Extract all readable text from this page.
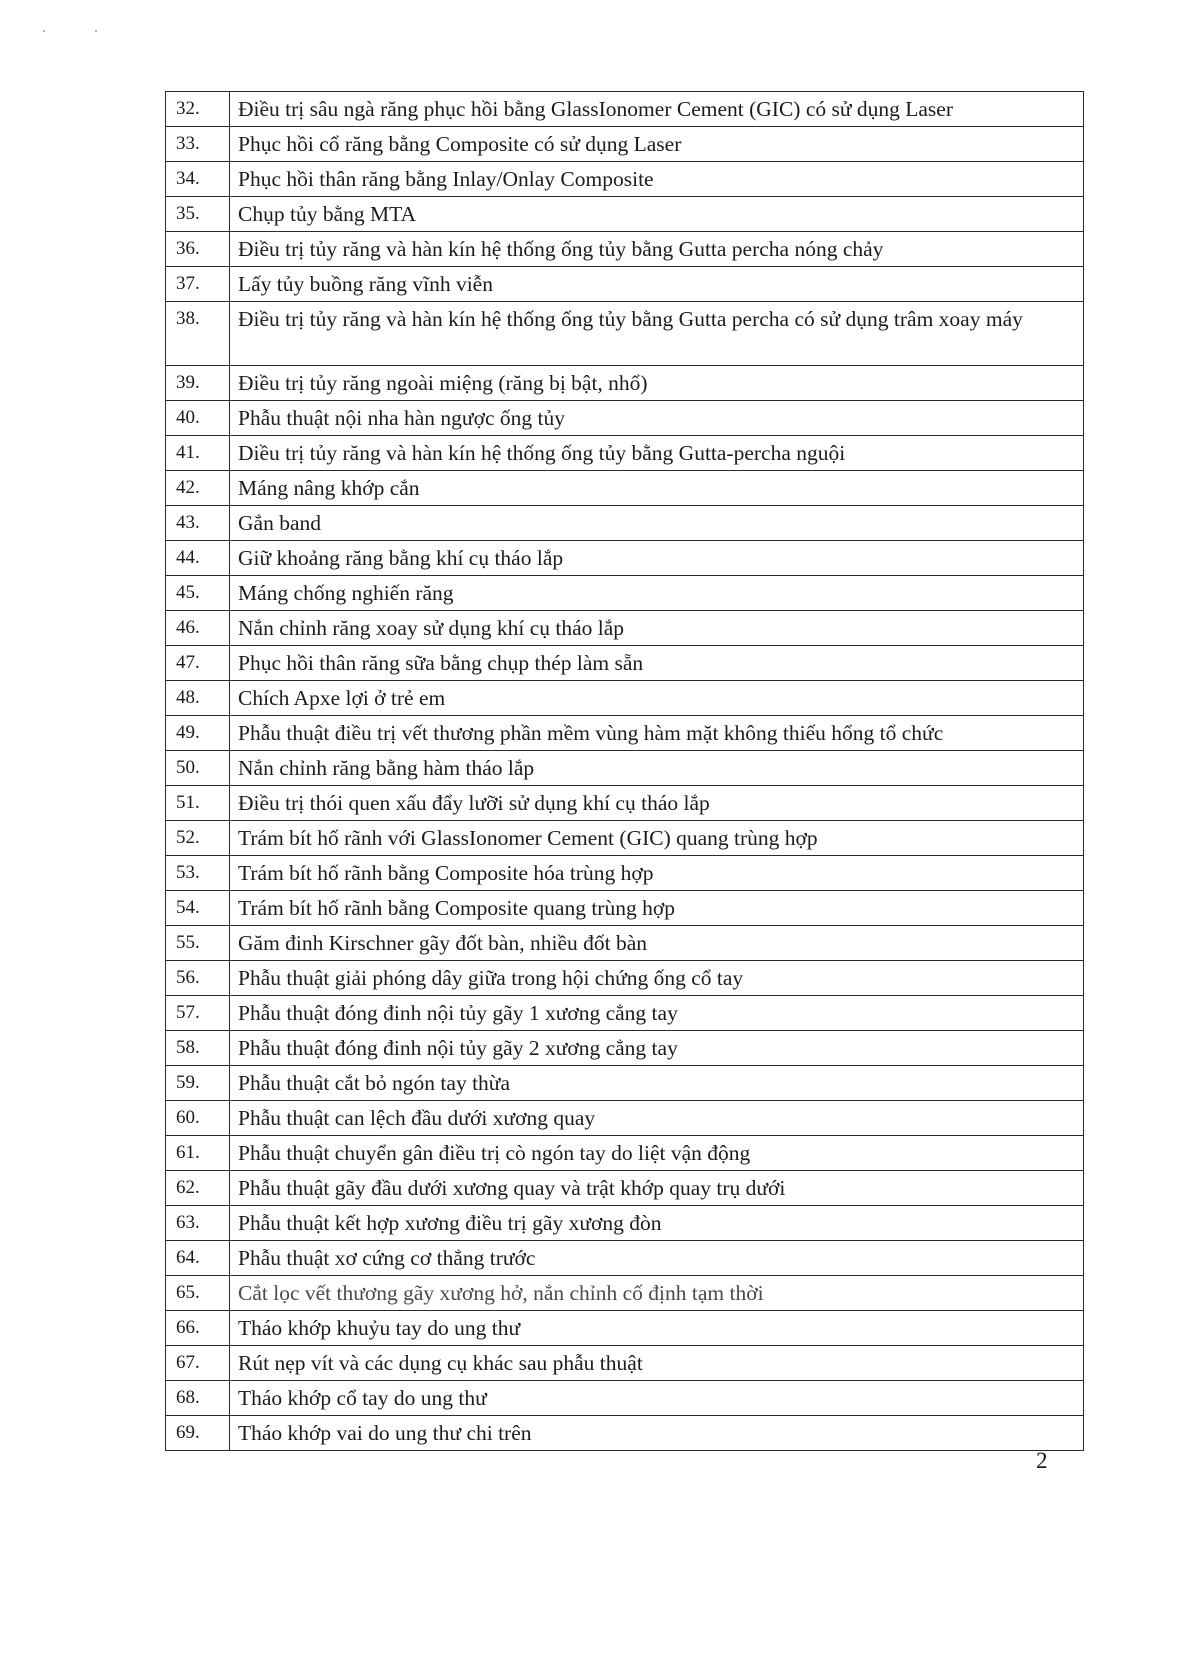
32.	Điều trị sâu ngà răng phục hồi bằng GlassIonomer Cement (GIC) có sử dụng Laser
33.	Phục hồi cổ răng bằng Composite có sử dụng Laser
34.	Phục hồi thân răng bằng Inlay/Onlay Composite
35.	Chụp tủy bằng MTA
36.	Điều trị tủy răng và hàn kín hệ thống ống tủy bằng Gutta percha nóng chảy
37.	Lấy tủy buồng răng vĩnh viễn
38.	Điều trị tủy răng và hàn kín hệ thống ống tủy bằng Gutta percha có sử dụng trâm xoay máy
39.	Điều trị tủy răng ngoài miệng (răng bị bật, nhổ)
40.	Phẫu thuật nội nha hàn ngược ống tủy
41.	Diều trị tủy răng và hàn kín hệ thống ống tủy bằng Gutta-percha nguội
42.	Máng nâng khớp cắn
43.	Gắn band
44.	Giữ khoảng răng bằng khí cụ tháo lắp
45.	Máng chống nghiến răng
46.	Nắn chỉnh răng xoay sử dụng khí cụ tháo lắp
47.	Phục hồi thân răng sữa bằng chụp thép làm sẵn
48.	Chích Apxe lợi ở trẻ em
49.	Phẫu thuật điều trị vết thương phần mềm vùng hàm mặt không thiếu hổng tổ chức
50.	Nắn chỉnh răng bằng hàm tháo lắp
51.	Điều trị thói quen xấu đẩy lưỡi sử dụng khí cụ tháo lắp
52.	Trám bít hố rãnh với GlassIonomer Cement (GIC) quang trùng hợp
53.	Trám bít hố rãnh bằng Composite hóa trùng hợp
54.	Trám bít hố rãnh bằng Composite quang trùng hợp
55.	Găm đinh Kirschner gãy đốt bàn, nhiều đốt bàn
56.	Phẫu thuật giải phóng dây giữa trong hội chứng ống cổ tay
57.	Phẫu thuật đóng đinh nội tủy gãy 1 xương cẳng tay
58.	Phẫu thuật đóng đinh nội tủy gãy 2 xương cẳng tay
59.	Phẫu thuật cắt bỏ ngón tay thừa
60.	Phẫu thuật can lệch đầu dưới xương quay
61.	Phẫu thuật chuyển gân điều trị cò ngón tay do liệt vận động
62.	Phẫu thuật gãy đầu dưới xương quay và trật khớp quay trụ dưới
63.	Phẫu thuật kết hợp xương điều trị gãy xương đòn
64.	Phẫu thuật xơ cứng cơ thẳng trước
65.	Cắt lọc vết thương gãy xương hở, nắn chỉnh cố định tạm thời
66.	Tháo khớp khuỷu tay do ung thư
67.	Rút nẹp vít và các dụng cụ khác sau phẫu thuật
68.	Tháo khớp cổ tay do ung thư
69.	Tháo khớp vai do ung thư chi trên
2
